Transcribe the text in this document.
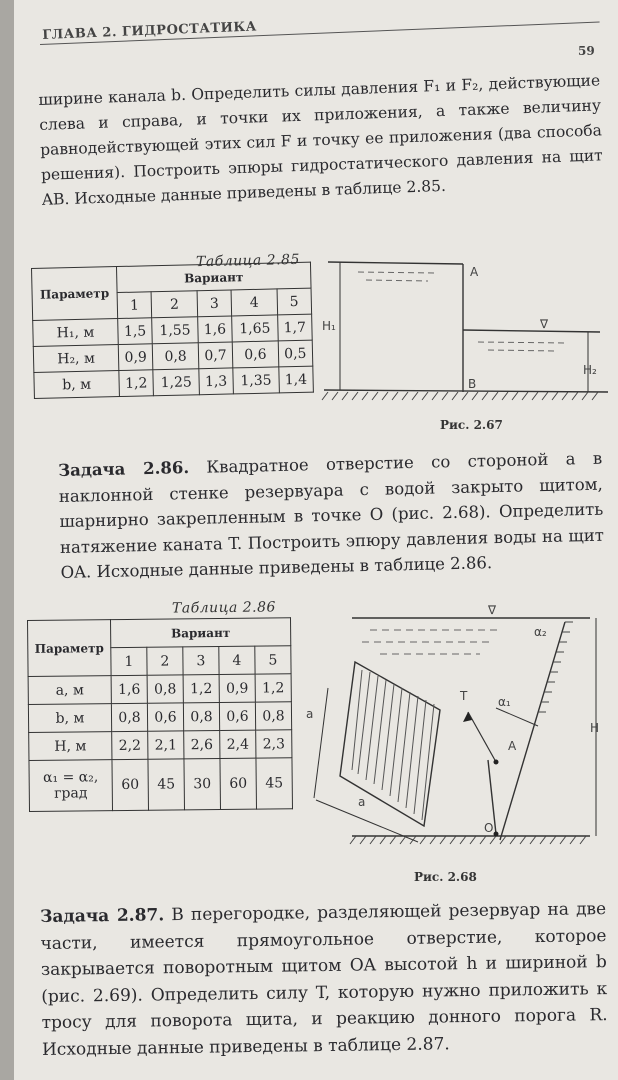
ГЛАВА 2. ГИДРОСТАТИКА
59
ширине канала b. Определить силы давления F₁ и F₂, действующие слева и справа, и точки их приложения, а также величину равнодействующей этих сил F и точку ее приложения (два способа решения). Построить эпюры гидростатического давления на щит AB. Исходные данные приведены в таблице 2.85.
Таблица 2.85
Параметр	Вариант				
	1	2	3	4	5
H₁, м	1,5	1,55	1,6	1,65	1,7
H₂, м	0,9	0,8	0,7	0,6	0,5
b, м	1,2	1,25	1,3	1,35	1,4
A
B
H₁
H₂
∇
Рис. 2.67
Задача 2.86. Квадратное отверстие со стороной a в наклонной стенке резервуара с водой закрыто щитом, шарнирно закрепленным в точке O (рис. 2.68). Определить натяжение каната T. Построить эпюру давления воды на щит OA. Исходные данные приведены в таблице 2.86.
Таблица 2.86
Параметр	Вариант				
	1	2	3	4	5
a, м	1,6	0,8	1,2	0,9	1,2
b, м	0,8	0,6	0,8	0,6	0,8
H, м	2,2	2,1	2,6	2,4	2,3
α₁ = α₂, град	60	45	30	60	45
T
A
O
H
a
a
α₂
α₁
∇
Рис. 2.68
Задача 2.87. В перегородке, разделяющей резервуар на две части, имеется прямоугольное отверстие, которое закрывается поворотным щитом OA высотой h и шириной b (рис. 2.69). Определить силу T, которую нужно приложить к тросу для поворота щита, и реакцию донного порога R. Исходные данные приведены в таблице 2.87.
